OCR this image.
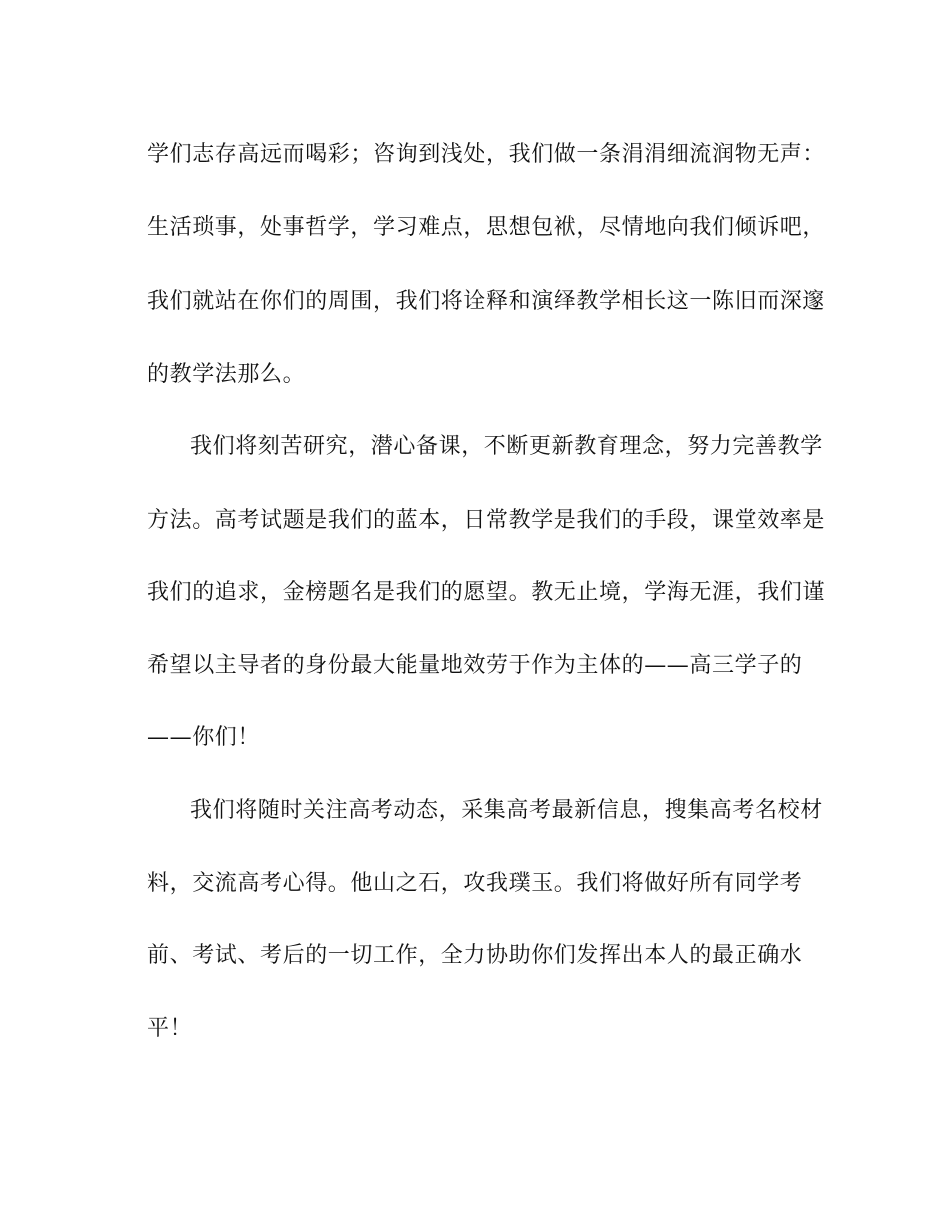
学们志存高远而喝彩；咨询到浅处，我们做一条涓涓细流润物无声：
生活琐事，处事哲学，学习难点，思想包袱，尽情地向我们倾诉吧，
我们就站在你们的周围，我们将诠释和演绎教学相长这一陈旧而深邃
的教学法那么。
我们将刻苦研究，潜心备课，不断更新教育理念，努力完善教学
方法。高考试题是我们的蓝本，日常教学是我们的手段，课堂效率是
我们的追求，金榜题名是我们的愿望。教无止境，学海无涯，我们谨
希望以主导者的身份最大能量地效劳于作为主体的——高三学子的
——你们！
我们将随时关注高考动态，采集高考最新信息，搜集高考名校材
料，交流高考心得。他山之石，攻我璞玉。我们将做好所有同学考
前、考试、考后的一切工作，全力协助你们发挥出本人的最正确水
平！
